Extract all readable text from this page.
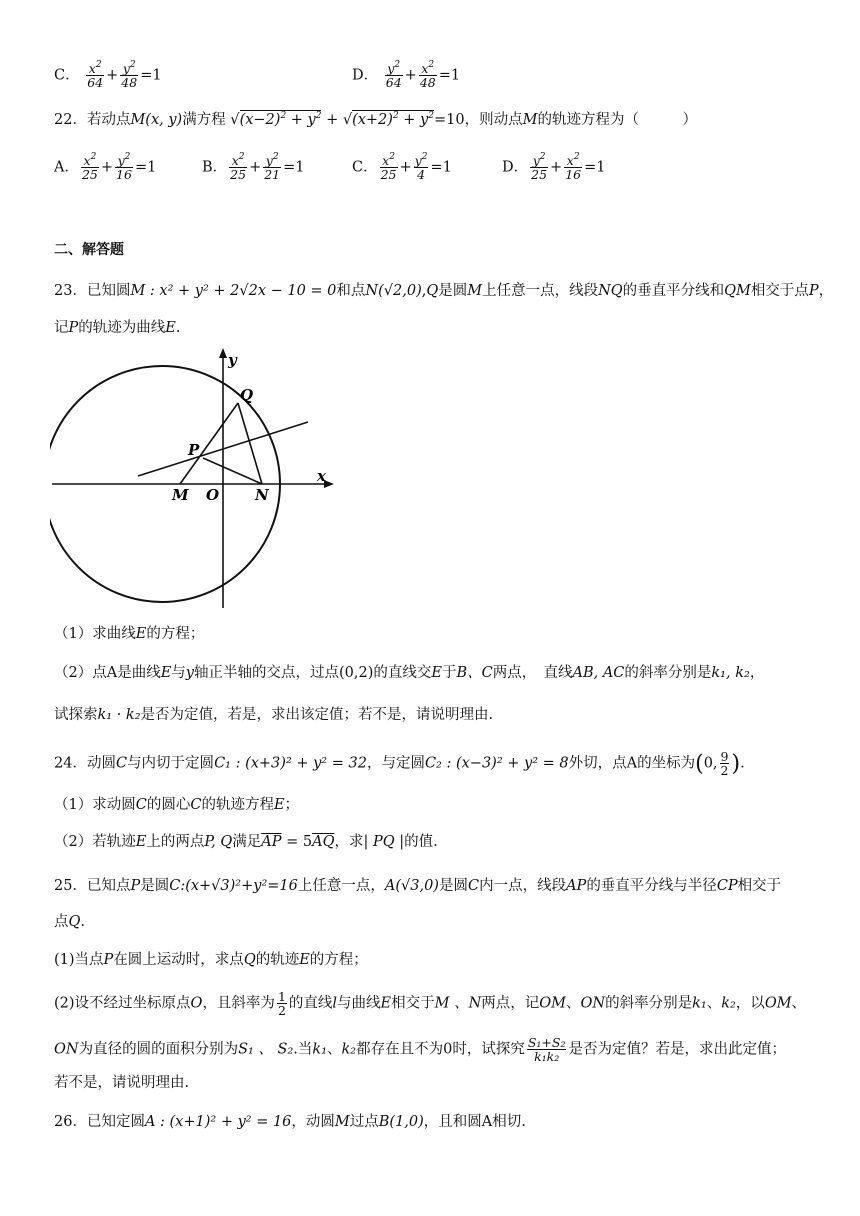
C． $\frac{x^2}{64} + \frac{y^2}{48} =1$	D． $\frac{y^2}{64} + \frac{x^2}{48} =1$
22．若动点M(x, y)满方程 $√(x-2)^2 + y^2 + √(x+2)^2 + y^2=10$，则动点M的轨迹方程为（　　　）
A． $\frac{x^2}{25} + \frac{y^2}{16} =1$	B． $\frac{x^2}{25} + \frac{y^2}{21} =1$	C． $\frac{x^2}{25} + \frac{y^2}{4} =1$	D． $\frac{y^2}{25} + \frac{x^2}{16} =1$
二、解答题
23．已知圆M : x² + y² + 2√2x − 10 = 0和点N(√2,0),Q是圆M上任意一点，线段NQ的垂直平分线和QM相交于点P，
记P的轨迹为曲线E.
y
x
Q
P
M O N
（1）求曲线E的方程；
（2）点A是曲线E与y轴正半轴的交点，过点(0,2)的直线交E于B、C两点，　直线AB, AC的斜率分别是k₁, k₂，
试探索k₁ · k₂是否为定值，若是，求出该定值；若不是，请说明理由.
24．动圆C与内切于定圆C₁ : (x+3)² + y² = 32，与定圆C₂ : (x−3)² + y² = 8外切，点A的坐标为(0, $\frac{9}{2}$ ).
（1）求动圆C的圆心C的轨迹方程E；
（2）若轨迹E上的两点P, Q满足$\overline{AP} = 5\overline{AQ}$，求| PQ |的值.
25．已知点P是圆C:(x+√3)²+y²=16上任意一点，A(√3,0)是圆C内一点，线段AP的垂直平分线与半径CP相交于
点Q.
(1)当点P在圆上运动时，求点Q的轨迹E的方程；
(2)设不经过坐标原点O，且斜率为 $\frac{1}{2}$ 的直线l与曲线E相交于M 、N两点，记OM、ON的斜率分别是k₁、k₂，以OM、
ON为直径的圆的面积分别为S₁ 、 S₂.当k₁、k₂都存在且不为0时，试探究 $\frac{\text{S₁+S₂}}{\text{k₁k₂}}$ 是否为定值？若是，求出此定值；
若不是，请说明理由.
26．已知定圆A : (x+1)² + y² = 16，动圆M过点B(1,0)，且和圆A相切.
